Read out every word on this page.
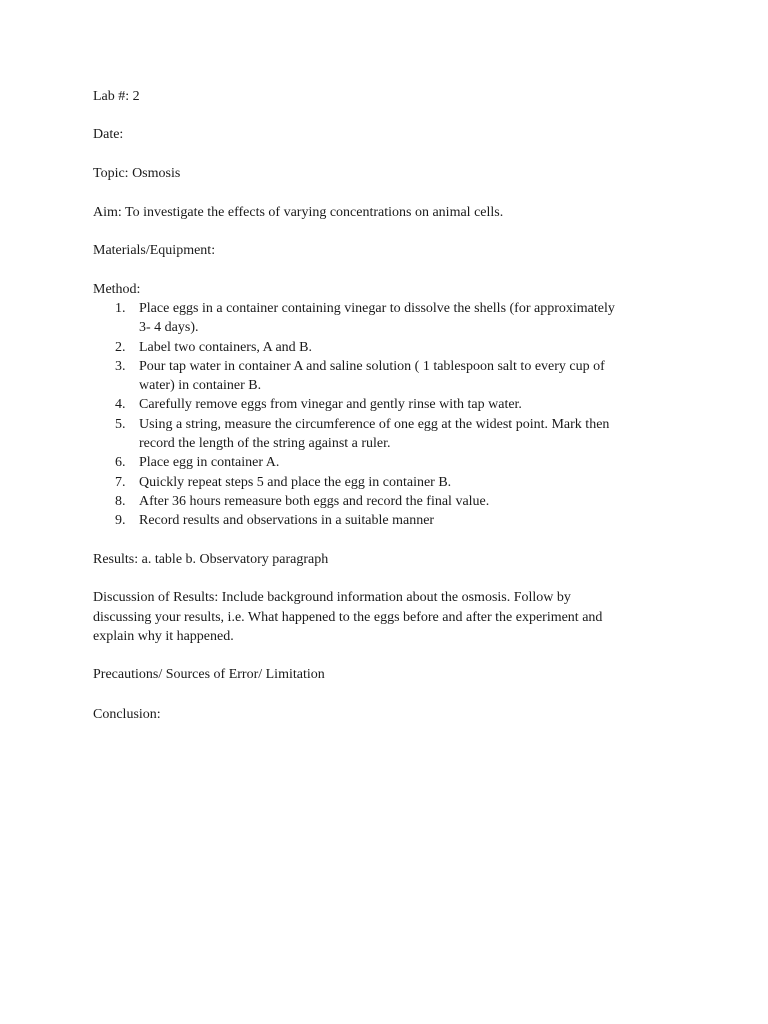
Lab #: 2
Date:
Topic: Osmosis
Aim: To investigate the effects of varying concentrations on animal cells.
Materials/Equipment:
Method:
1. Place eggs in a container containing vinegar to dissolve the shells (for approximately
3- 4 days).
2. Label two containers, A and B.
3. Pour tap water in container A and saline solution ( 1 tablespoon salt to every cup of
water) in container B.
4. Carefully remove eggs from vinegar and gently rinse with tap water.
5. Using a string, measure the circumference of one egg at the widest point. Mark then
record the length of the string against a ruler.
6. Place egg in container A.
7. Quickly repeat steps 5 and place the egg in container B.
8. After 36 hours remeasure both eggs and record the final value.
9. Record results and observations in a suitable manner
Results: a. table b. Observatory paragraph
Discussion of Results: Include background information about the osmosis. Follow by
discussing your results, i.e. What happened to the eggs before and after the experiment and
explain why it happened.
Precautions/ Sources of Error/ Limitation
Conclusion:
